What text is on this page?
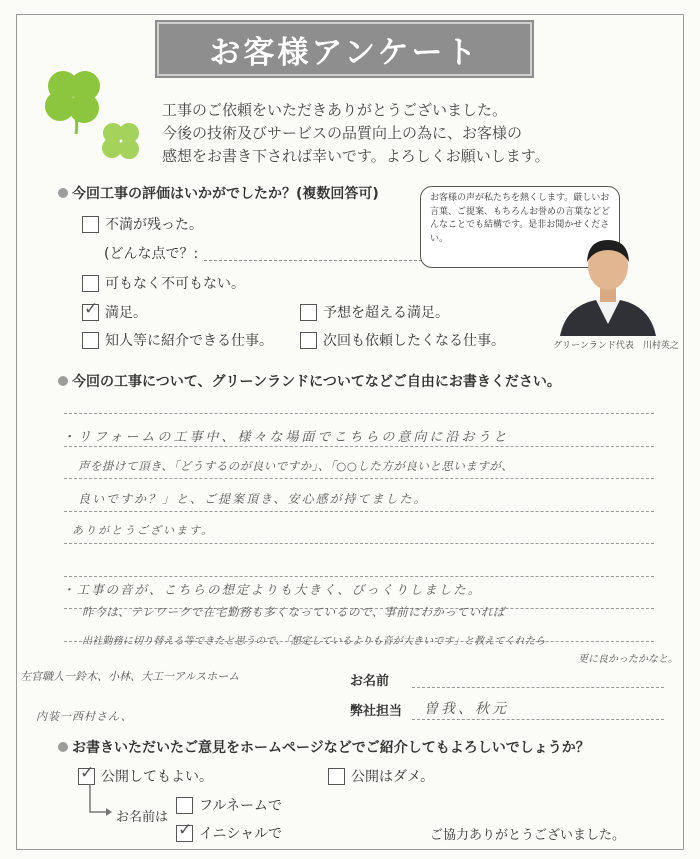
お客様アンケート
工事のご依頼をいただきありがとうございました。
今後の技術及びサービスの品質向上の為に、お客様の
感想をお書き下されば幸いです。よろしくお願いします。
今回工事の評価はいかがでしたか？(複数回答可)
不満が残った。
(どんな点で？:
可もなく不可もない。
✓ 満足。	予想を超える満足。
知人等に紹介できる仕事。	次回も依頼したくなる仕事。
お客様の声が私たちを熱くします。厳しいお言葉、ご提案、もちろんお誉めの言葉などどんなことでも結構です。是非お聞かせください。
グリーンランド代表　川村英之
今回の工事について、グリーンランドについてなどご自由にお書きください。
・リフォームの工事中、様々な場面でこちらの意向に沿おうと
声を掛けて頂き、「どうするのが良いですか」、「○○した方が良いと思いますが、
良いですか？」と、ご提案頂き、安心感が持てました。
ありがとうございます。
・工事の音が、こちらの想定よりも大きく、びっくりしました。
昨今は、テレワークで在宅勤務も多くなっているので、事前にわかっていれば
出社勤務に切り替える等できたと思うので、「想定しているよりも音が大きいです」と教えてくれたら
更に良かったかなと。
左官職人一鈴木、小林、大工一アルスホーム
内装一西村さん、
お名前
弊社担当 曽我、秋元
お書きいただいたご意見をホームページなどでご紹介してもよろしいでしょうか？
✓ 公開してもよい。	公開はダメ。
お名前は
フルネームで
✓ イニシャルで	ご協力ありがとうございました。
